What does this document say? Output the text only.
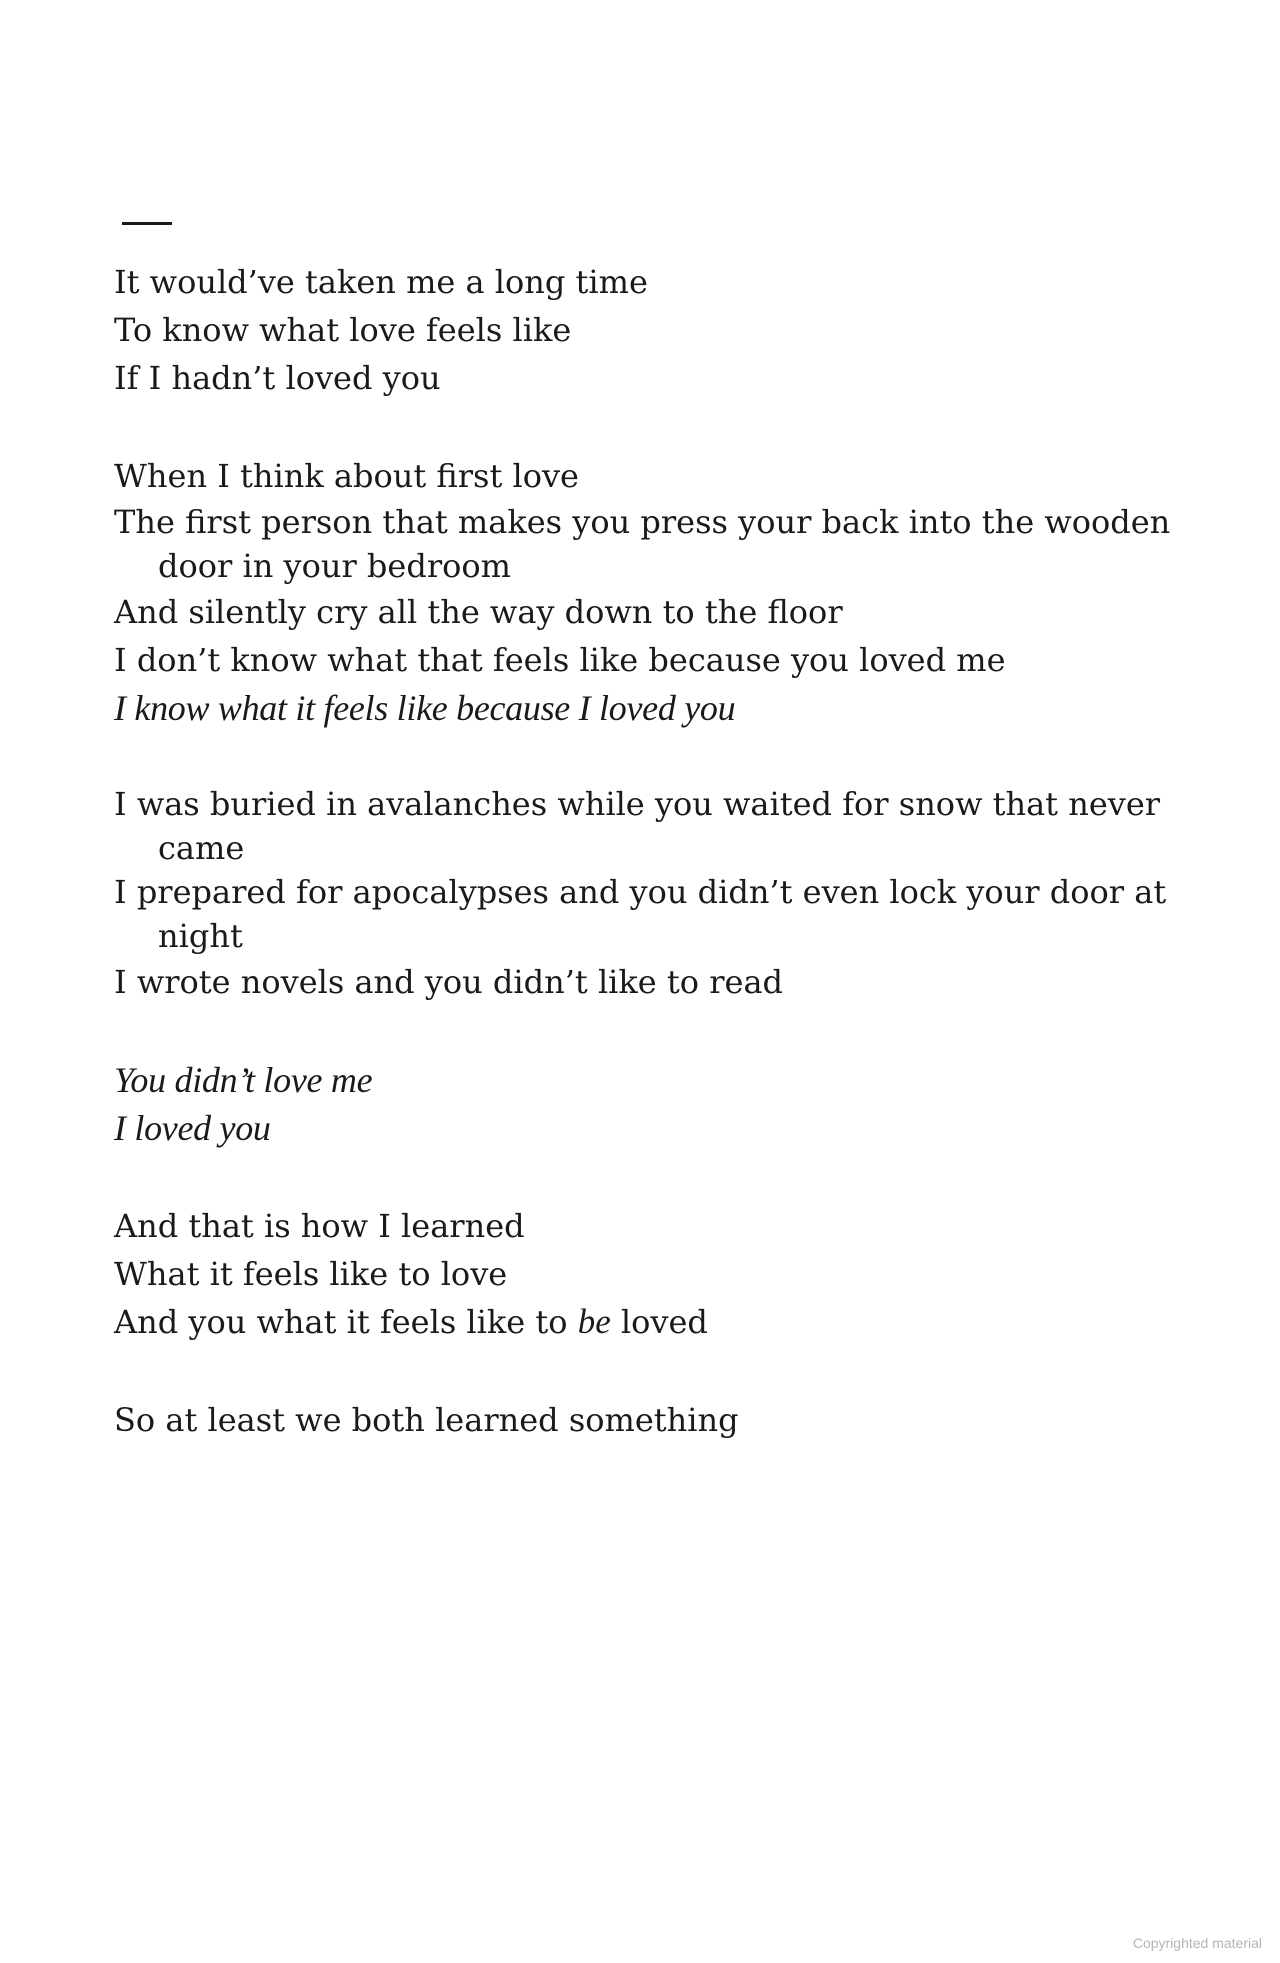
It would’ve taken me a long time
To know what love feels like
If I hadn’t loved you
When I think about first love
The first person that makes you press your back into the wooden door in your bedroom
And silently cry all the way down to the floor
I don’t know what that feels like because you loved me
I know what it feels like because I loved you
I was buried in avalanches while you waited for snow that never came
I prepared for apocalypses and you didn’t even lock your door at night
I wrote novels and you didn’t like to read
You didn’t love me
I loved you
And that is how I learned
What it feels like to love
And you what it feels like to be loved
So at least we both learned something
Copyrighted material
